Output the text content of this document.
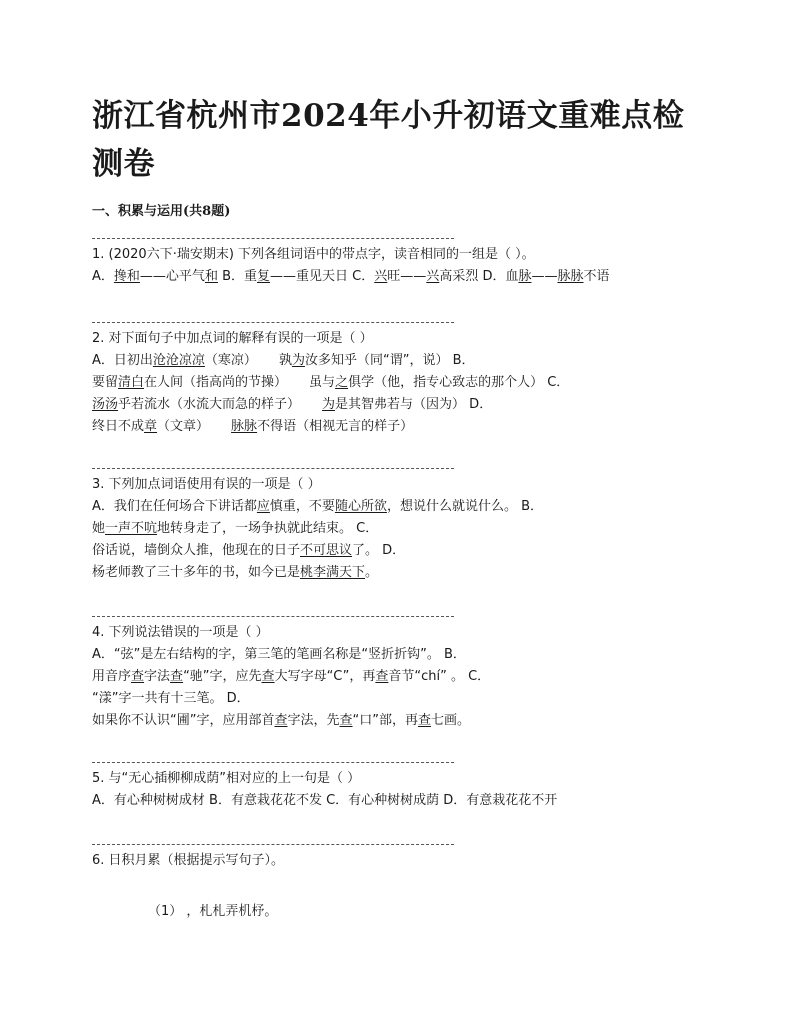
浙江省杭州市2024年小升初语文重难点检测卷
一、积累与运用(共8题)
1. (2020六下·瑞安期末) 下列各组词语中的带点字，读音相同的一组是（ ）。
A．搀和——心平气和 B．重复——重见天日 C．兴旺——兴高采烈 D．血脉——脉脉不语
2. 对下面句子中加点词的解释有误的一项是（ ）
A．日初出沧沧凉凉（寒凉） 孰为汝多知乎（同“谓”，说） B．
要留清白在人间（指高尚的节操） 虽与之俱学（他，指专心致志的那个人） C．
汤汤乎若流水（水流大而急的样子） 为是其智弗若与（因为） D．
终日不成章（文章） 脉脉不得语（相视无言的样子）
3. 下列加点词语使用有误的一项是（ ）
A．我们在任何场合下讲话都应慎重，不要随心所欲，想说什么就说什么。 B．
她一声不吭地转身走了，一场争执就此结束。 C．
俗话说，墙倒众人推，他现在的日子不可思议了。 D．
杨老师教了三十多年的书，如今已是桃李满天下。
4. 下列说法错误的一项是（ ）
A．“弦”是左右结构的字，第三笔的笔画名称是“竖折折钩”。 B．
用音序查字法查“驰”字，应先查大写字母“C”，再查音节“chí” 。 C．
“漾”字一共有十三笔。 D．
如果你不认识“圃”字，应用部首查字法，先查“口”部，再查七画。
5. 与“无心插柳柳成荫”相对应的上一句是（ ）
A．有心种树树成材 B．有意栽花花不发 C．有心种树树成荫 D．有意栽花花不开
6. 日积月累（根据提示写句子）。
（1） ，札札弄机杼。
